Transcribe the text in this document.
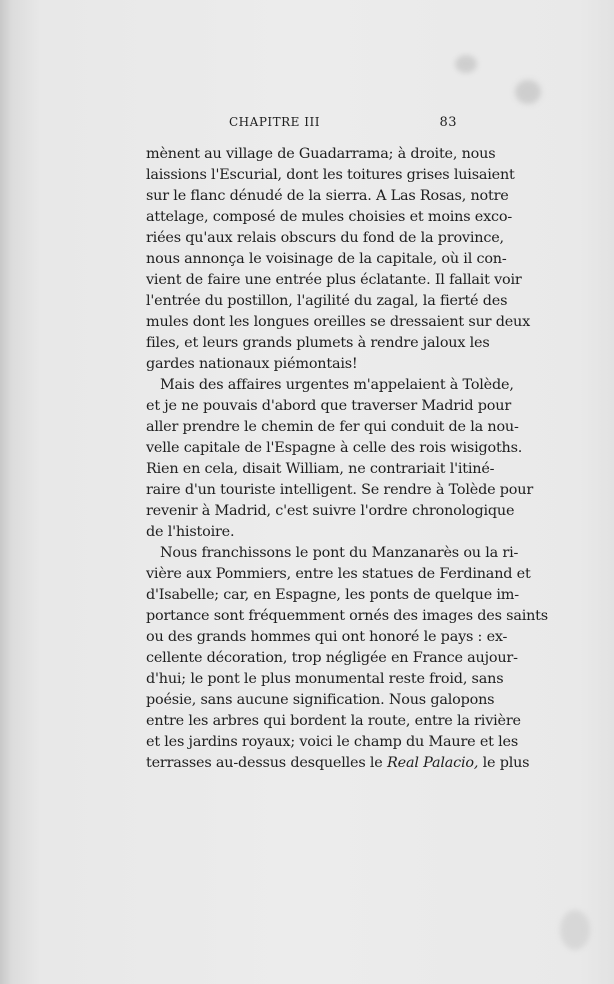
CHAPITRE III	83
mènent au village de Guadarrama; à droite, nous
laissions l'Escurial, dont les toitures grises luisaient
sur le flanc dénudé de la sierra. A Las Rosas, notre
attelage, composé de mules choisies et moins exco-
riées qu'aux relais obscurs du fond de la province,
nous annonça le voisinage de la capitale, où il con-
vient de faire une entrée plus éclatante. Il fallait voir
l'entrée du postillon, l'agilité du zagal, la fierté des
mules dont les longues oreilles se dressaient sur deux
files, et leurs grands plumets à rendre jaloux les
gardes nationaux piémontais!
Mais des affaires urgentes m'appelaient à Tolède,
et je ne pouvais d'abord que traverser Madrid pour
aller prendre le chemin de fer qui conduit de la nou-
velle capitale de l'Espagne à celle des rois wisigoths.
Rien en cela, disait William, ne contrariait l'itiné-
raire d'un touriste intelligent. Se rendre à Tolède pour
revenir à Madrid, c'est suivre l'ordre chronologique
de l'histoire.
Nous franchissons le pont du Manzanarès ou la ri-
vière aux Pommiers, entre les statues de Ferdinand et
d'Isabelle; car, en Espagne, les ponts de quelque im-
portance sont fréquemment ornés des images des saints
ou des grands hommes qui ont honoré le pays : ex-
cellente décoration, trop négligée en France aujour-
d'hui; le pont le plus monumental reste froid, sans
poésie, sans aucune signification. Nous galopons
entre les arbres qui bordent la route, entre la rivière
et les jardins royaux; voici le champ du Maure et les
terrasses au-dessus desquelles le Real Palacio, le plus
